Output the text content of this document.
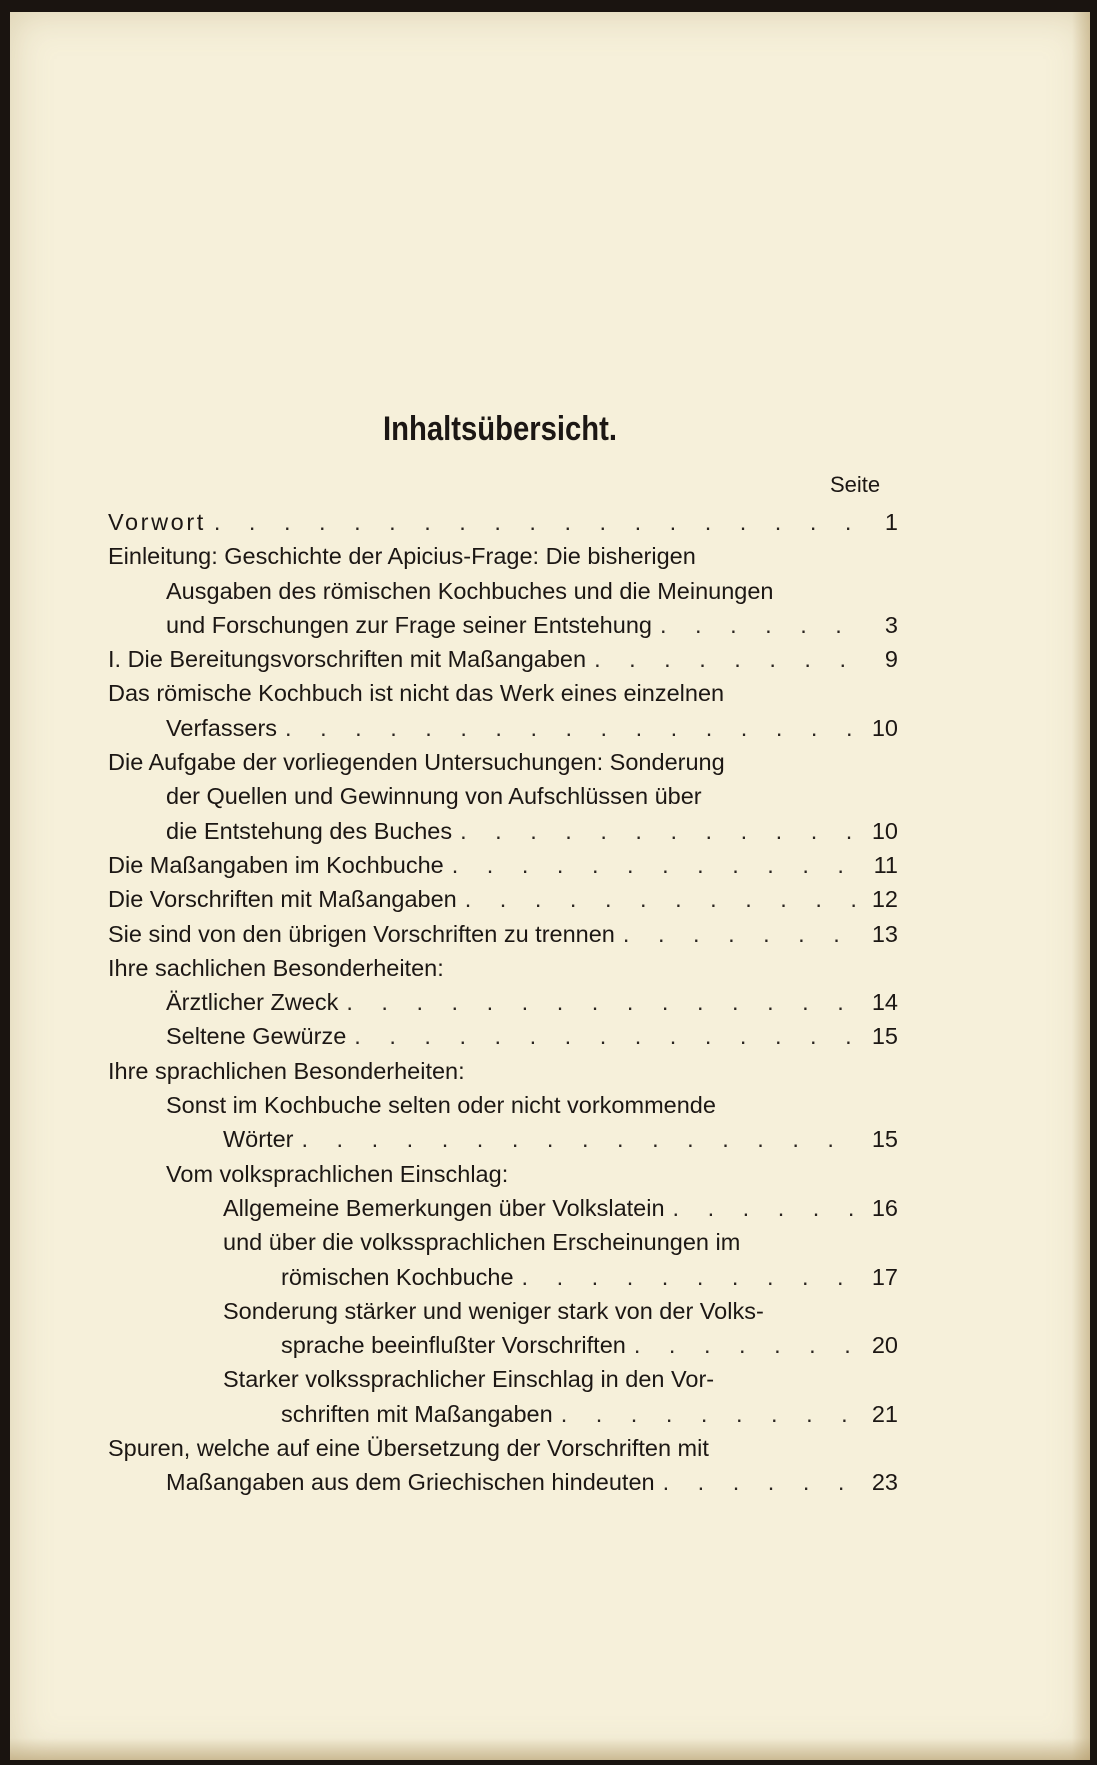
Inhaltsübersicht.
Seite
Vorwort . . .	1
Einleitung: Geschichte der Apicius-Frage: Die bisherigen
Ausgaben des römischen Kochbuches und die Meinungen
und Forschungen zur Frage seiner Entstehung . . .	3
I. Die Bereitungsvorschriften mit Maßangaben . . .	9
Das römische Kochbuch ist nicht das Werk eines einzelnen
Verfassers . . .	10
Die Aufgabe der vorliegenden Untersuchungen: Sonderung
der Quellen und Gewinnung von Aufschlüssen über
die Entstehung des Buches . . .	10
Die Maßangaben im Kochbuche . . .	11
Die Vorschriften mit Maßangaben . . .	12
Sie sind von den übrigen Vorschriften zu trennen . . .	13
Ihre sachlichen Besonderheiten:
Ärztlicher Zweck . . .	14
Seltene Gewürze . . .	15
Ihre sprachlichen Besonderheiten:
Sonst im Kochbuche selten oder nicht vorkommende
Wörter . . .	15
Vom volksprachlichen Einschlag:
Allgemeine Bemerkungen über Volkslatein . . .	16
und über die volkssprachlichen Erscheinungen im
römischen Kochbuche . . .	17
Sonderung stärker und weniger stark von der Volks-
sprache beeinflußter Vorschriften . . .	20
Starker volkssprachlicher Einschlag in den Vor-
schriften mit Maßangaben . . .	21
Spuren, welche auf eine Übersetzung der Vorschriften mit
Maßangaben aus dem Griechischen hindeuten . . .	23
